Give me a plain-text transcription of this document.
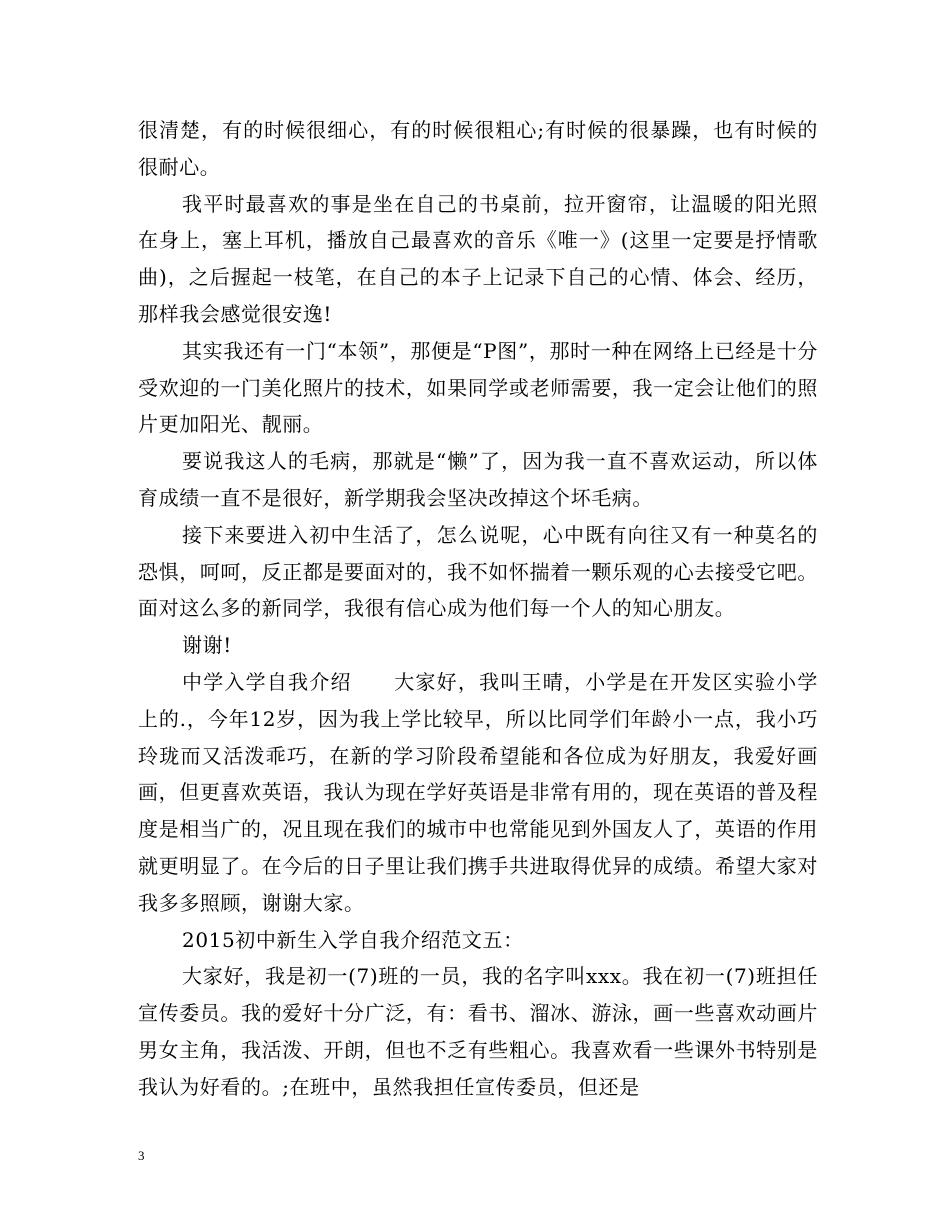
很清楚，有的时候很细心，有的时候很粗心;有时候的很暴躁，也有时候的很耐心。

我平时最喜欢的事是坐在自己的书桌前，拉开窗帘，让温暖的阳光照在身上，塞上耳机，播放自己最喜欢的音乐《唯一》(这里一定要是抒情歌曲)，之后握起一枝笔，在自己的本子上记录下自己的心情、体会、经历，那样我会感觉很安逸!

其实我还有一门“本领”，那便是“P图”，那时一种在网络上已经是十分受欢迎的一门美化照片的技术，如果同学或老师需要，我一定会让他们的照片更加阳光、靓丽。

要说我这人的毛病，那就是“懒”了，因为我一直不喜欢运动，所以体育成绩一直不是很好，新学期我会坚决改掉这个坏毛病。

接下来要进入初中生活了，怎么说呢，心中既有向往又有一种莫名的恐惧，呵呵，反正都是要面对的，我不如怀揣着一颗乐观的心去接受它吧。面对这么多的新同学，我很有信心成为他们每一个人的知心朋友。

谢谢!

中学入学自我介绍　　大家好，我叫王晴，小学是在开发区实验小学上的.，今年12岁，因为我上学比较早，所以比同学们年龄小一点，我小巧玲珑而又活泼乖巧，在新的学习阶段希望能和各位成为好朋友，我爱好画画，但更喜欢英语，我认为现在学好英语是非常有用的，现在英语的普及程度是相当广的，况且现在我们的城市中也常能见到外国友人了，英语的作用就更明显了。在今后的日子里让我们携手共进取得优异的成绩。希望大家对我多多照顾，谢谢大家。

2015初中新生入学自我介绍范文五：

大家好，我是初一(7)班的一员，我的名字叫xxx。我在初一(7)班担任宣传委员。我的爱好十分广泛，有：看书、溜冰、游泳，画一些喜欢动画片男女主角，我活泼、开朗，但也不乏有些粗心。我喜欢看一些课外书特别是我认为好看的。;在班中，虽然我担任宣传委员，但还是

3
